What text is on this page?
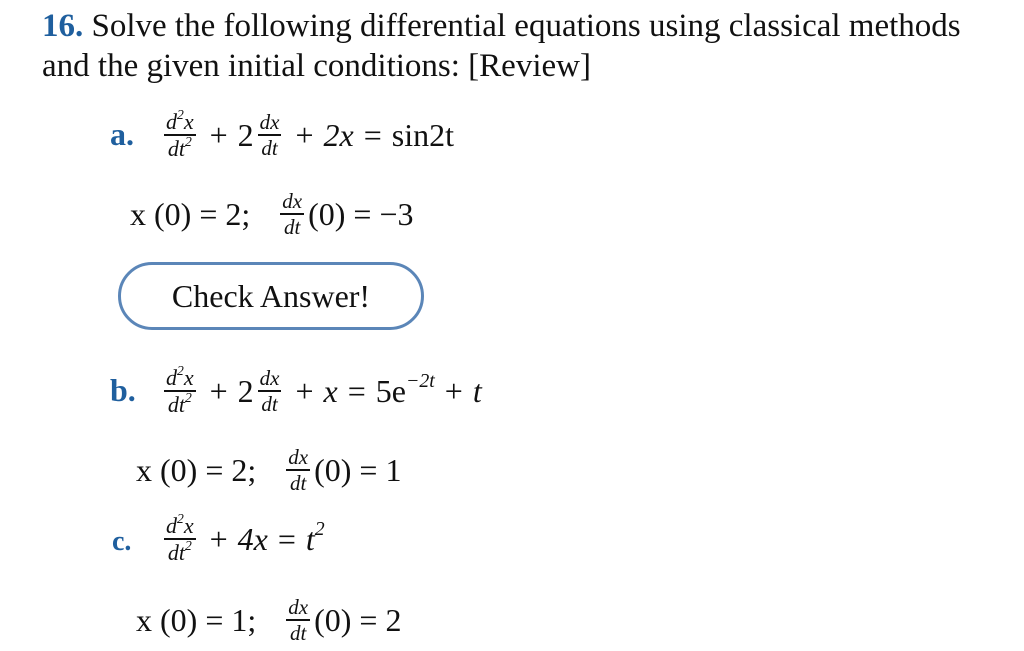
16. Solve the following differential equations using classical methods and the given initial conditions: [Review]
a. $\frac{d^2x}{dt^2} + 2 \frac{dx}{dt} + 2x = \sin 2t$
x (0) = 2; $\frac{dx}{dt} (0) = -3$
Check Answer!
b. $\frac{d^2x}{dt^2} + 2 \frac{dx}{dt} + x = 5e^{-2t} + t$
x (0) = 2; $\frac{dx}{dt} (0) = 1$
c. $\frac{d^2x}{dt^2} + 4x = t^2$
x (0) = 1; $\frac{dx}{dt} (0) = 2$
